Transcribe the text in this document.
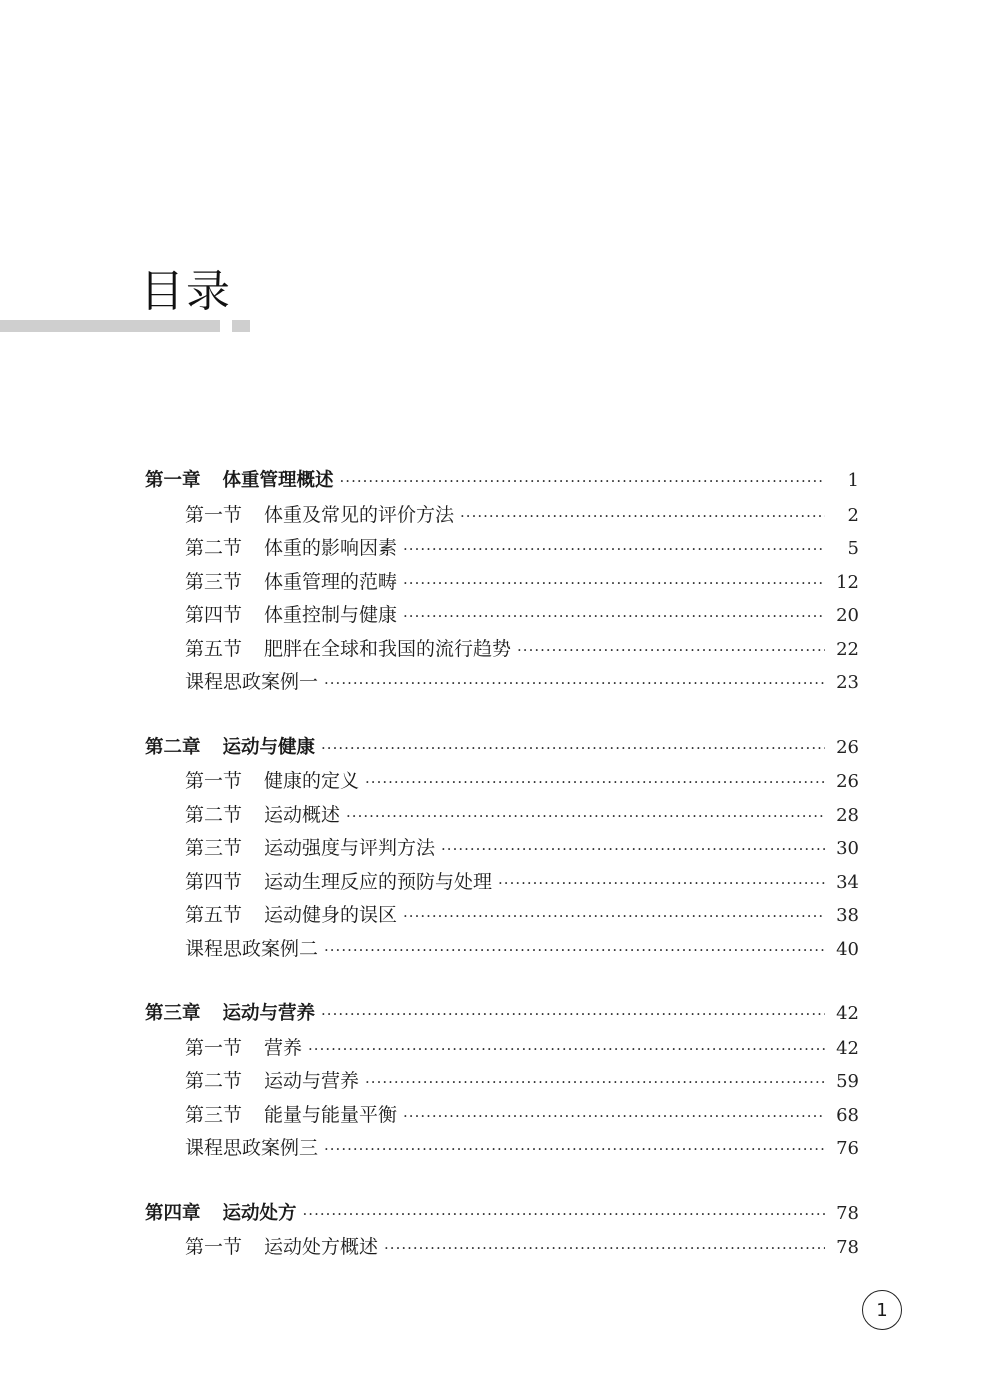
目录
第一章 体重管理概述 ·····	1
第一节 体重及常见的评价方法 ·····	2
第二节 体重的影响因素 ·····	5
第三节 体重管理的范畴 ·····	12
第四节 体重控制与健康 ·····	20
第五节 肥胖在全球和我国的流行趋势 ·····	22
课程思政案例一 ·····	23
第二章 运动与健康 ·····	26
第一节 健康的定义 ·····	26
第二节 运动概述 ·····	28
第三节 运动强度与评判方法 ·····	30
第四节 运动生理反应的预防与处理 ·····	34
第五节 运动健身的误区 ·····	38
课程思政案例二 ·····	40
第三章 运动与营养 ·····	42
第一节 营养 ·····	42
第二节 运动与营养 ·····	59
第三节 能量与能量平衡 ·····	68
课程思政案例三 ·····	76
第四章 运动处方 ·····	78
第一节 运动处方概述 ·····	78
1
